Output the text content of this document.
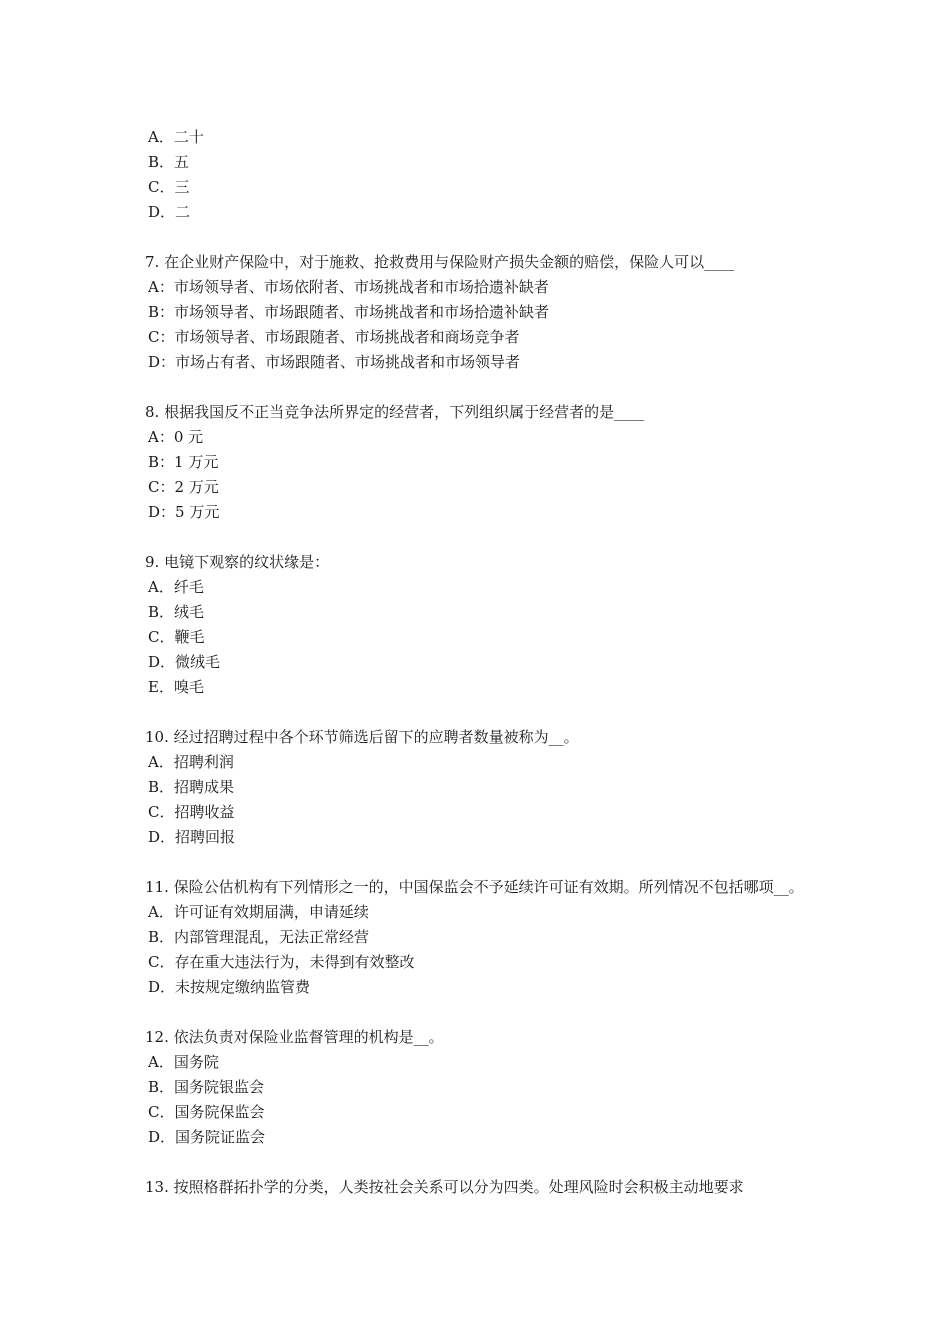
A．二十
B．五
C．三
D．二
7. 在企业财产保险中，对于施救、抢救费用与保险财产损失金额的赔偿，保险人可以____
A：市场领导者、市场依附者、市场挑战者和市场拾遗补缺者
B：市场领导者、市场跟随者、市场挑战者和市场拾遗补缺者
C：市场领导者、市场跟随者、市场挑战者和商场竞争者
D：市场占有者、市场跟随者、市场挑战者和市场领导者
8. 根据我国反不正当竞争法所界定的经营者，下列组织属于经营者的是____
A：0 元
B：1 万元
C：2 万元
D：5 万元
9. 电镜下观察的纹状缘是：
A．纤毛
B．绒毛
C．鞭毛
D．微绒毛
E．嗅毛
10. 经过招聘过程中各个环节筛选后留下的应聘者数量被称为__。
A．招聘利润
B．招聘成果
C．招聘收益
D．招聘回报
11. 保险公估机构有下列情形之一的，中国保监会不予延续许可证有效期。所列情况不包括哪项__。
A．许可证有效期届满，申请延续
B．内部管理混乱，无法正常经营
C．存在重大违法行为，未得到有效整改
D．未按规定缴纳监管费
12. 依法负责对保险业监督管理的机构是__。
A．国务院
B．国务院银监会
C．国务院保监会
D．国务院证监会
13. 按照格群拓扑学的分类，人类按社会关系可以分为四类。处理风险时会积极主动地要求
